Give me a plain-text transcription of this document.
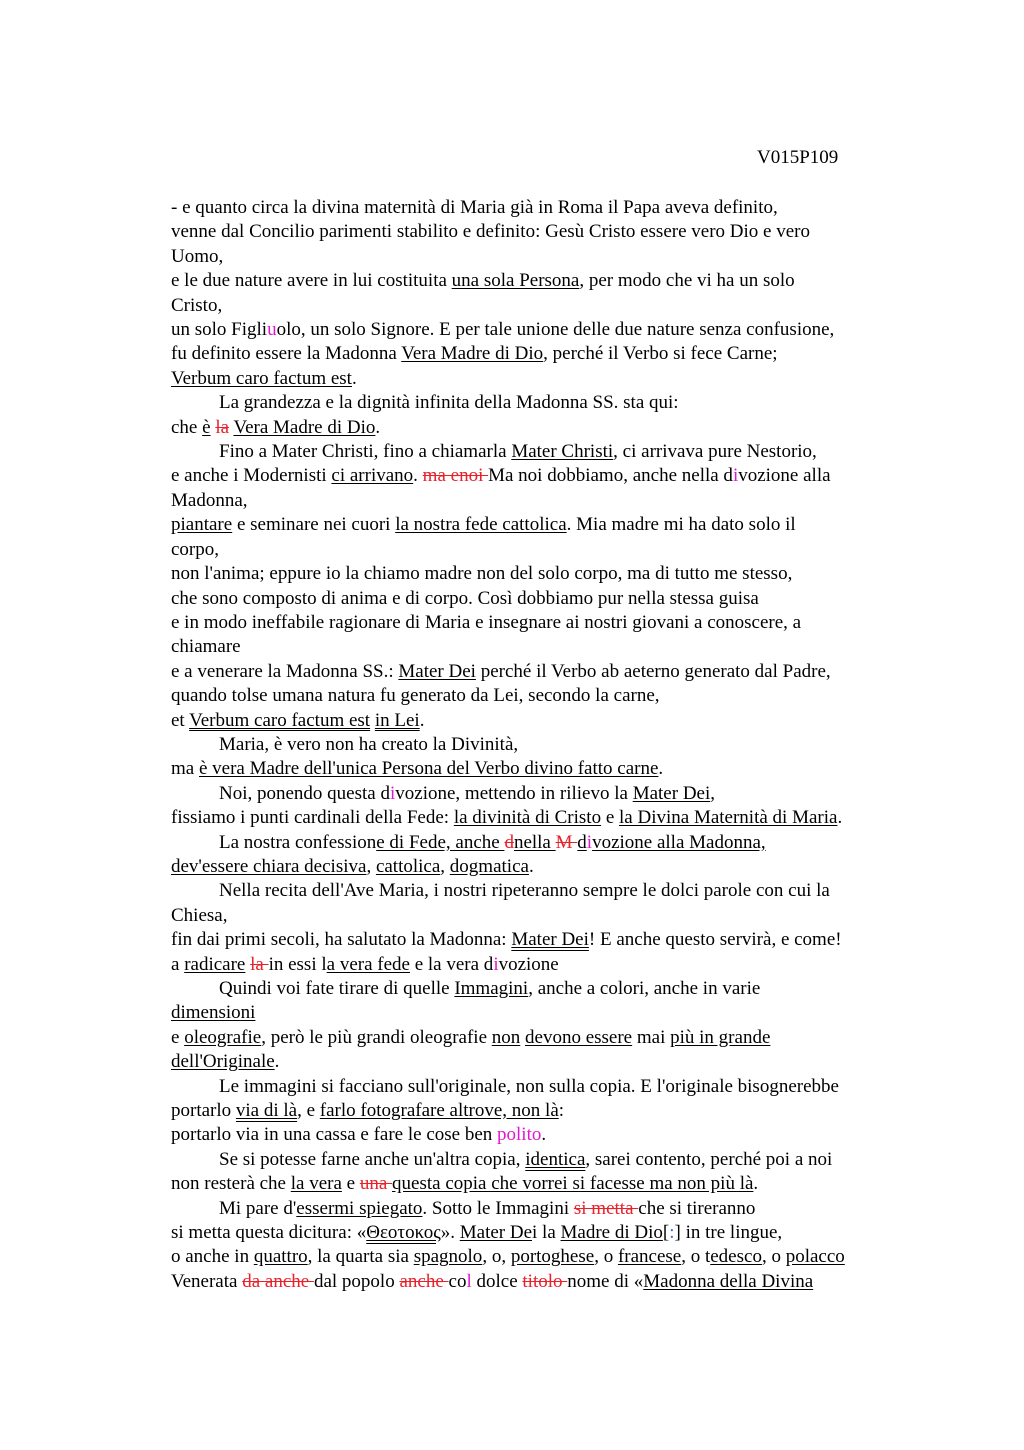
V015P109
- e quanto circa la divina maternità di Maria già in Roma il Papa aveva definito,
venne dal Concilio parimenti stabilito e definito: Gesù Cristo essere vero Dio e vero
Uomo,
e le due nature avere in lui costituita una sola Persona, per modo che vi ha un solo
Cristo,
un solo Figliuolo, un solo Signore. E per tale unione delle due nature senza confusione,
fu definito essere la Madonna Vera Madre di Dio, perché il Verbo si fece Carne;
Verbum caro factum est.
La grandezza e la dignità infinita della Madonna SS. sta qui:
che è la Vera Madre di Dio.
Fino a Mater Christi, fino a chiamarla Mater Christi, ci arrivava pure Nestorio,
e anche i Modernisti ci arrivano. ma enoi Ma noi dobbiamo, anche nella divozione alla
Madonna,
piantare e seminare nei cuori la nostra fede cattolica. Mia madre mi ha dato solo il
corpo,
non l'anima; eppure io la chiamo madre non del solo corpo, ma di tutto me stesso,
che sono composto di anima e di corpo. Così dobbiamo pur nella stessa guisa
e in modo ineffabile ragionare di Maria e insegnare ai nostri giovani a conoscere, a
chiamare
e a venerare la Madonna SS.: Mater Dei perché il Verbo ab aeterno generato dal Padre,
quando tolse umana natura fu generato da Lei, secondo la carne,
et Verbum caro factum est in Lei.
Maria, è vero non ha creato la Divinità,
ma è vera Madre dell'unica Persona del Verbo divino fatto carne.
Noi, ponendo questa divozione, mettendo in rilievo la Mater Dei,
fissiamo i punti cardinali della Fede: la divinità di Cristo e la Divina Maternità di Maria.
La nostra confessione di Fede, anche dnella M divozione alla Madonna,
dev'essere chiara decisiva, cattolica, dogmatica.
Nella recita dell'Ave Maria, i nostri ripeteranno sempre le dolci parole con cui la
Chiesa,
fin dai primi secoli, ha salutato la Madonna: Mater Dei! E anche questo servirà, e come!
a radicare la in essi la vera fede e la vera divozione
Quindi voi fate tirare di quelle Immagini, anche a colori, anche in varie
dimensioni
e oleografie, però le più grandi oleografie non devono essere mai più in grande
dell'Originale.
Le immagini si facciano sull'originale, non sulla copia. E l'originale bisognerebbe
portarlo via di là, e farlo fotografare altrove, non là:
portarlo via in una cassa e fare le cose ben polito.
Se si potesse farne anche un'altra copia, identica, sarei contento, perché poi a noi
non resterà che la vera e una questa copia che vorrei si facesse ma non più là.
Mi pare d'essermi spiegato. Sotto le Immagini si metta che si tireranno
si metta questa dicitura: «Θεοτοκος». Mater Dei la Madre di Dio[:] in tre lingue,
o anche in quattro, la quarta sia spagnolo, o, portoghese, o francese, o tedesco, o polacco
Venerata da anche dal popolo anche col dolce titolo nome di «Madonna della Divina
